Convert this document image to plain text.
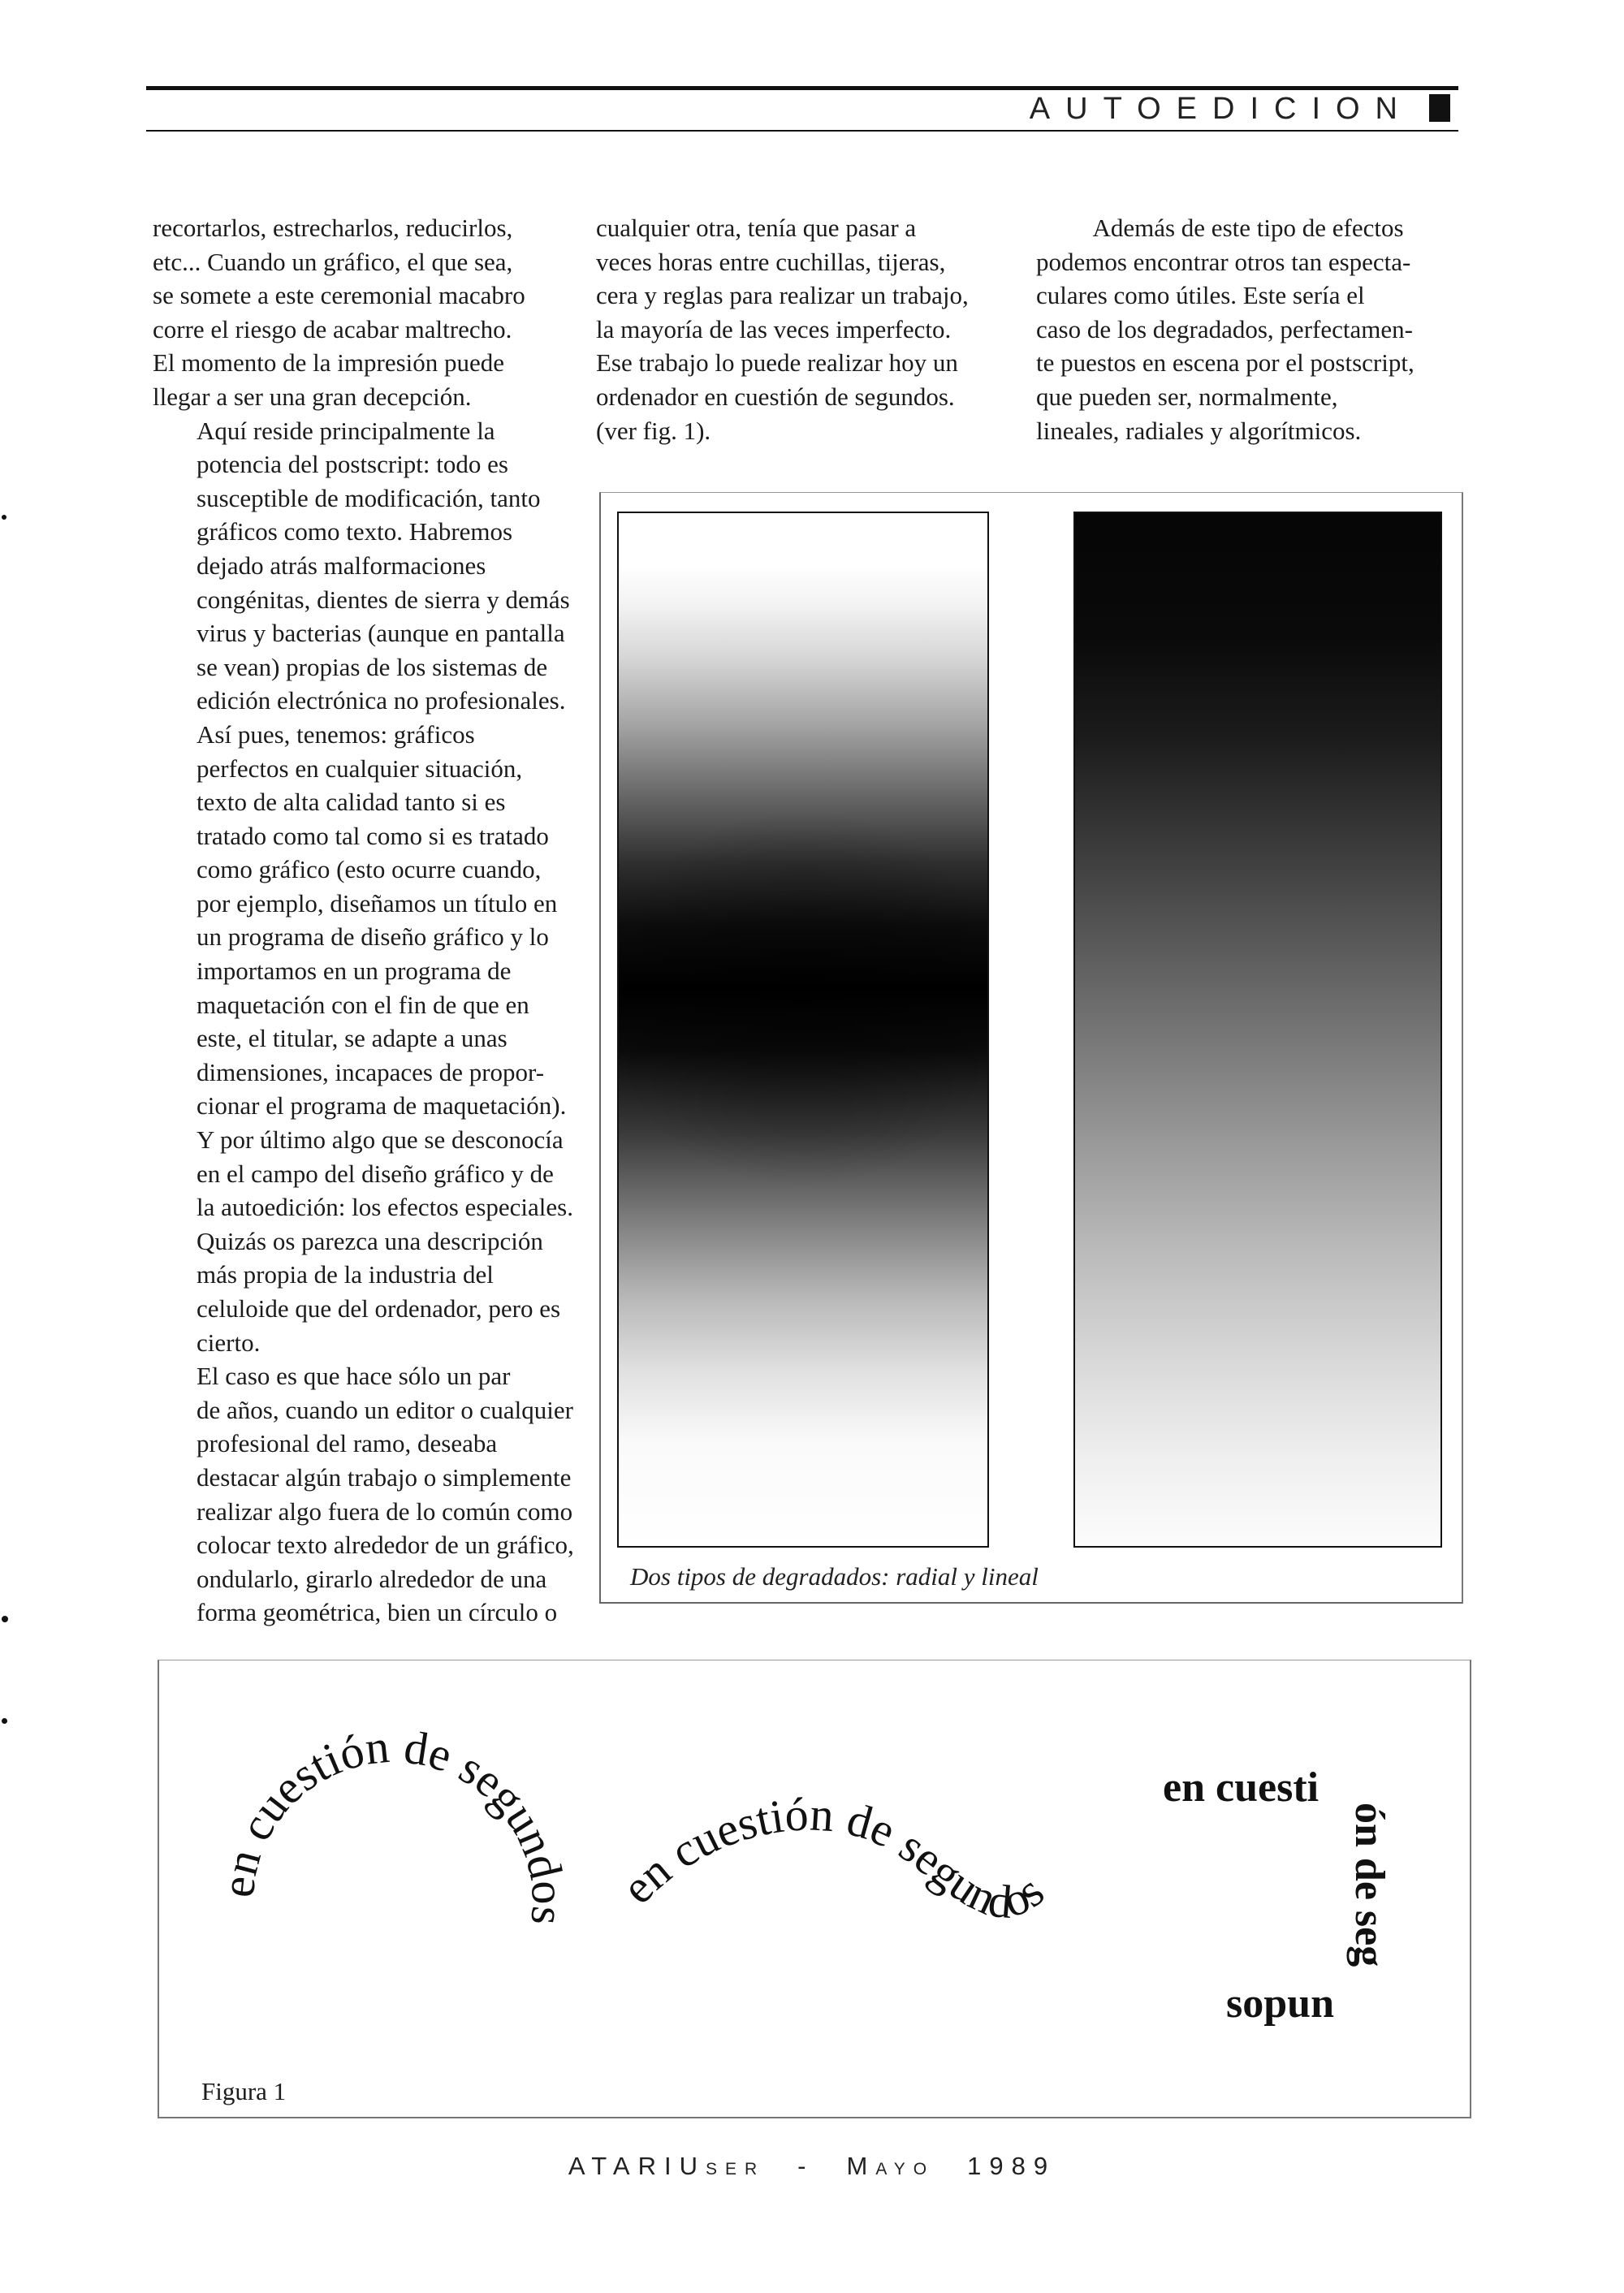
AUTOEDICION

recortarlos, estrecharlos, reducirlos,
etc... Cuando un gráfico, el que sea,
se somete a este ceremonial macabro
corre el riesgo de acabar maltrecho.
El momento de la impresión puede
llegar a ser una gran decepción.

Aquí reside principalmente la
potencia del postscript: todo es
susceptible de modificación, tanto
gráficos como texto. Habremos
dejado atrás malformaciones
congénitas, dientes de sierra y demás
virus y bacterias (aunque en pantalla
se vean) propias de los sistemas de
edición electrónica no profesionales.

Así pues, tenemos: gráficos
perfectos en cualquier situación,
texto de alta calidad tanto si es
tratado como tal como si es tratado
como gráfico (esto ocurre cuando,
por ejemplo, diseñamos un título en
un programa de diseño gráfico y lo
importamos en un programa de
maquetación con el fin de que en
este, el titular, se adapte a unas
dimensiones, incapaces de propor-
cionar el programa de maquetación).
Y por último algo que se desconocía
en el campo del diseño gráfico y de
la autoedición: los efectos especiales.
Quizás os parezca una descripción
más propia de la industria del
celuloide que del ordenador, pero es
cierto.

El caso es que hace sólo un par
de años, cuando un editor o cualquier
profesional del ramo, deseaba
destacar algún trabajo o simplemente
realizar algo fuera de lo común como
colocar texto alrededor de un gráfico,
ondularlo, girarlo alrededor de una
forma geométrica, bien un círculo o

cualquier otra, tenía que pasar a
veces horas entre cuchillas, tijeras,
cera y reglas para realizar un trabajo,
la mayoría de las veces imperfecto.
Ese trabajo lo puede realizar hoy un
ordenador en cuestión de segundos.
(ver fig. 1).
Además de este tipo de efectos
podemos encontrar otros tan especta-
culares como útiles. Este sería el
caso de los degradados, perfectamen-
te puestos en escena por el postscript,
que pueden ser, normalmente,
lineales, radiales y algorítmicos.
Dos tipos de degradados: radial y lineal
en cuestión de segundos
en cuestión de segundos
en cuesti
ón de seg
sopun
Figura 1
ATARIUSER - MAYO 1989
